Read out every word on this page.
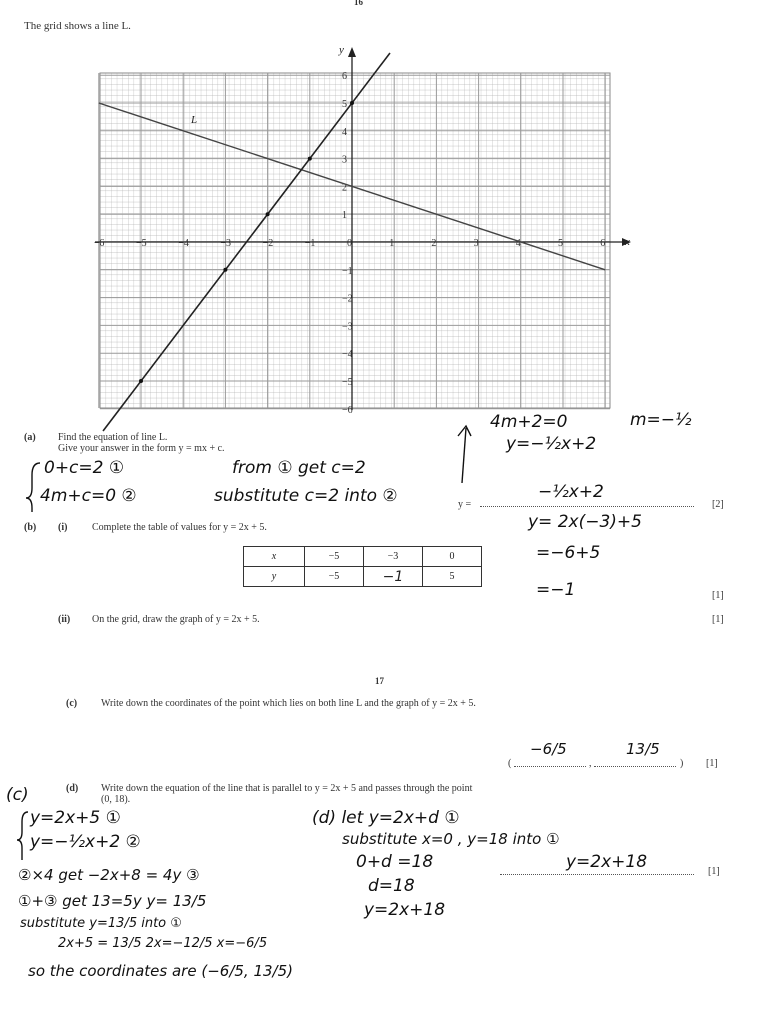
16
The grid shows a line L.
−6
−6
−5
−5
−4
−4
−3
−3
−2
−2
−1
−1
0	1
1
2
2
3
3
4
4
5
5
6
6
y
x
L
(a) Find the equation of line L.
Give your answer in the form y = mx + c.
0+c=2 ①
4m+c=0 ②
from ① get c=2
substitute c=2 into ②
4m+2=0	m=−½
y=−½x+2
y =
−½x+2
[2]
(b) (i) Complete the table of values for y = 2x + 5.
x	−5	−3	0
y	−5	−1	5
y= 2x(−3)+5
=−6+5
=−1	[1]
(ii) On the grid, draw the graph of y = 2x + 5.	[1]
17
(c) Write down the coordinates of the point which lies on both line L and the graph of y = 2x + 5.
(	,	)
−6/5	13/5
[1]
(c)
y=2x+5 ①
y=−½x+2 ②
②×4 get −2x+8 = 4y ③
①+③ get 13=5y y= 13/5
substitute y=13/5 into ①
2x+5 = 13/5 2x=−12/5 x=−6/5
so the coordinates are (−6/5, 13/5)
(d) Write down the equation of the line that is parallel to y = 2x + 5 and passes through the point
(0, 18).
(d) let y=2x+d ①
substitute x=0 , y=18 into ①
0+d =18
d=18
y=2x+18
y=2x+18	[1]
